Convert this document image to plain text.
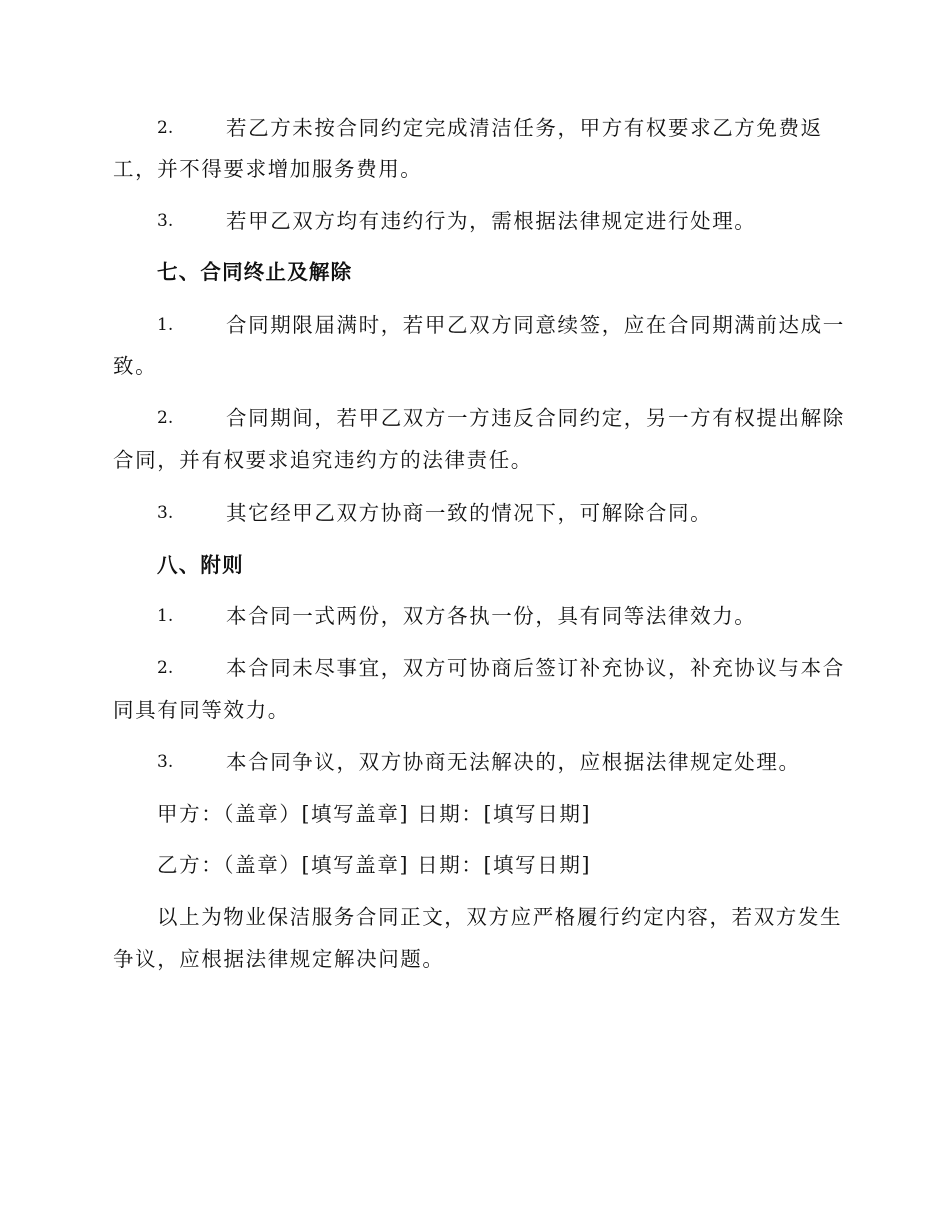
2.	若乙方未按合同约定完成清洁任务，甲方有权要求乙方免费返
工，并不得要求增加服务费用。
3.	若甲乙双方均有违约行为，需根据法律规定进行处理。
七、合同终止及解除
1.	合同期限届满时，若甲乙双方同意续签，应在合同期满前达成一
致。
2.	合同期间，若甲乙双方一方违反合同约定，另一方有权提出解除
合同，并有权要求追究违约方的法律责任。
3.	其它经甲乙双方协商一致的情况下，可解除合同。
八、附则
1.	本合同一式两份，双方各执一份，具有同等法律效力。
2.	本合同未尽事宜，双方可协商后签订补充协议，补充协议与本合
同具有同等效力。
3.	本合同争议，双方协商无法解决的，应根据法律规定处理。
甲方：（盖章）[填写盖章] 日期：[填写日期]
乙方：（盖章）[填写盖章] 日期：[填写日期]
以上为物业保洁服务合同正文，双方应严格履行约定内容，若双方发生
争议，应根据法律规定解决问题。
